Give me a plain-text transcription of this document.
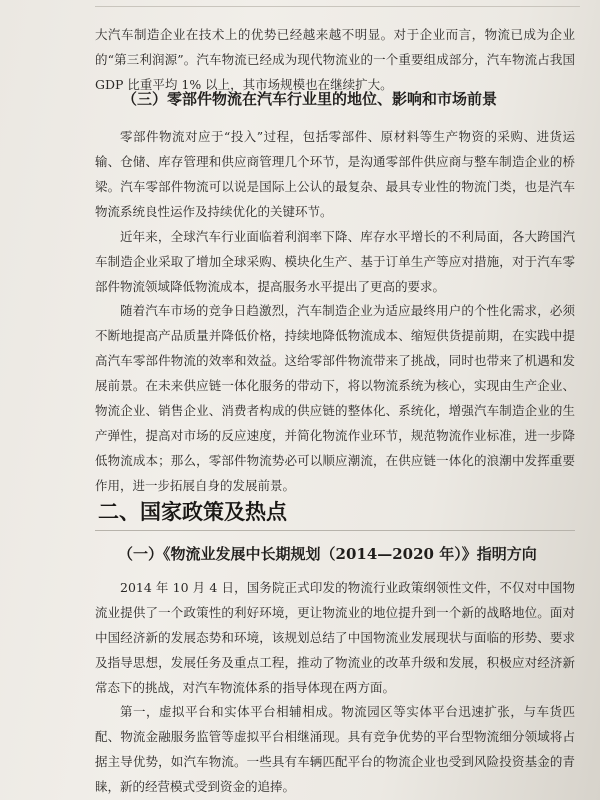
大汽车制造企业在技术上的优势已经越来越不明显。对于企业而言，物流已成为企业的“第三利润源”。汽车物流已经成为现代物流业的一个重要组成部分，汽车物流占我国 GDP 比重平均 1% 以上，其市场规模也在继续扩大。

（三）零部件物流在汽车行业里的地位、影响和市场前景

零部件物流对应于“投入”过程，包括零部件、原材料等生产物资的采购、进货运输、仓储、库存管理和供应商管理几个环节，是沟通零部件供应商与整车制造企业的桥梁。汽车零部件物流可以说是国际上公认的最复杂、最具专业性的物流门类，也是汽车物流系统良性运作及持续优化的关键环节。

近年来，全球汽车行业面临着利润率下降、库存水平增长的不利局面，各大跨国汽车制造企业采取了增加全球采购、模块化生产、基于订单生产等应对措施，对于汽车零部件物流领域降低物流成本，提高服务水平提出了更高的要求。

随着汽车市场的竞争日趋激烈，汽车制造企业为适应最终用户的个性化需求，必须不断地提高产品质量并降低价格，持续地降低物流成本、缩短供货提前期，在实践中提高汽车零部件物流的效率和效益。这给零部件物流带来了挑战，同时也带来了机遇和发展前景。在未来供应链一体化服务的带动下，将以物流系统为核心，实现由生产企业、物流企业、销售企业、消费者构成的供应链的整体化、系统化，增强汽车制造企业的生产弹性，提高对市场的反应速度，并简化物流作业环节，规范物流作业标准，进一步降低物流成本；那么，零部件物流势必可以顺应潮流，在供应链一体化的浪潮中发挥重要作用，进一步拓展自身的发展前景。

二、国家政策及热点
（一）《物流业发展中长期规划（2014—2020 年）》指明方向

2014 年 10 月 4 日，国务院正式印发的物流行业政策纲领性文件，不仅对中国物流业提供了一个政策性的利好环境，更让物流业的地位提升到一个新的战略地位。面对中国经济新的发展态势和环境，该规划总结了中国物流业发展现状与面临的形势、要求及指导思想，发展任务及重点工程，推动了物流业的改革升级和发展，积极应对经济新常态下的挑战，对汽车物流体系的指导体现在两方面。

第一，虚拟平台和实体平台相辅相成。物流园区等实体平台迅速扩张，与车货匹配、物流金融服务监管等虚拟平台相继涌现。具有竞争优势的平台型物流细分领域将占据主导优势，如汽车物流。一些具有车辆匹配平台的物流企业也受到风险投资基金的青睐，新的经营模式受到资金的追捧。
